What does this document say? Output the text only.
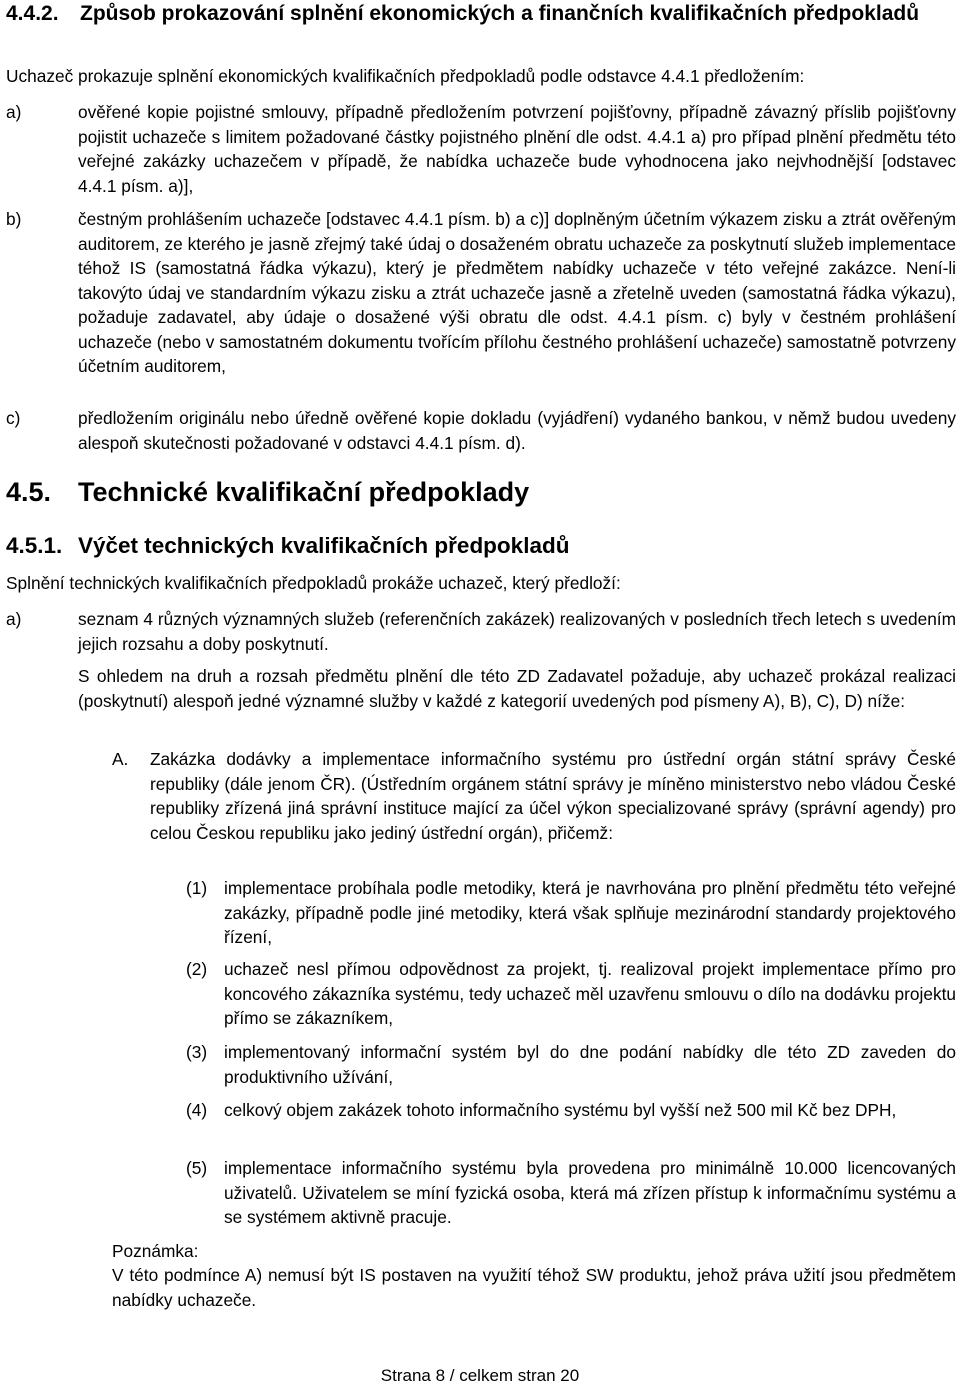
4.4.2. Způsob prokazování splnění ekonomických a finančních kvalifikačních předpokladů

Uchazeč prokazuje splnění ekonomických kvalifikačních předpokladů podle odstavce 4.4.1 předložením:

a)	ověřené kopie pojistné smlouvy, případně předložením potvrzení pojišťovny, případně závazný příslib pojišťovny pojistit uchazeče s limitem požadované částky pojistného plnění dle odst. 4.4.1 a) pro případ plnění předmětu této veřejné zakázky uchazečem v případě, že nabídka uchazeče bude vyhodnocena jako nejvhodnější [odstavec 4.4.1 písm. a)],

b)	čestným prohlášením uchazeče [odstavec 4.4.1 písm. b) a c)] doplněným účetním výkazem zisku a ztrát ověřeným auditorem, ze kterého je jasně zřejmý také údaj o dosaženém obratu uchazeče za poskytnutí služeb implementace téhož IS (samostatná řádka výkazu), který je předmětem nabídky uchazeče v této veřejné zakázce. Není-li takovýto údaj ve standardním výkazu zisku a ztrát uchazeče jasně a zřetelně uveden (samostatná řádka výkazu), požaduje zadavatel, aby údaje o dosažené výši obratu dle odst. 4.4.1 písm. c) byly v čestném prohlášení uchazeče (nebo v samostatném dokumentu tvořícím přílohu čestného prohlášení uchazeče) samostatně potvrzeny účetním auditorem,

c)	předložením originálu nebo úředně ověřené kopie dokladu (vyjádření) vydaného bankou, v němž budou uvedeny alespoň skutečnosti požadované v odstavci 4.4.1 písm. d).

4.5. Technické kvalifikační předpoklady
4.5.1. Výčet technických kvalifikačních předpokladů

Splnění technických kvalifikačních předpokladů prokáže uchazeč, který předloží:

a)	seznam 4 různých významných služeb (referenčních zakázek) realizovaných v posledních třech letech s uvedením jejich rozsahu a doby poskytnutí.

S ohledem na druh a rozsah předmětu plnění dle této ZD Zadavatel požaduje, aby uchazeč prokázal realizaci (poskytnutí) alespoň jedné významné služby v každé z kategorií uvedených pod písmeny A), B), C), D) níže:

A. Zakázka dodávky a implementace informačního systému pro ústřední orgán státní správy České republiky (dále jenom ČR). (Ústředním orgánem státní správy je míněno ministerstvo nebo vládou České republiky zřízená jiná správní instituce mající za účel výkon specializované správy (správní agendy) pro celou Českou republiku jako jediný ústřední orgán), přičemž:

(1) implementace probíhala podle metodiky, která je navrhována pro plnění předmětu této veřejné zakázky, případně podle jiné metodiky, která však splňuje mezinárodní standardy projektového řízení,

(2) uchazeč nesl přímou odpovědnost za projekt, tj. realizoval projekt implementace přímo pro koncového zákazníka systému, tedy uchazeč měl uzavřenu smlouvu o dílo na dodávku projektu přímo se zákazníkem,

(3) implementovaný informační systém byl do dne podání nabídky dle této ZD zaveden do produktivního užívání,

(4) celkový objem zakázek tohoto informačního systému byl vyšší než 500 mil Kč bez DPH,

(5) implementace informačního systému byla provedena pro minimálně 10.000 licencovaných uživatelů. Uživatelem se míní fyzická osoba, která má zřízen přístup k informačnímu systému a se systémem aktivně pracuje.

Poznámka:

V této podmínce A) nemusí být IS postaven na využití téhož SW produktu, jehož práva užití jsou předmětem nabídky uchazeče.

Strana 8 / celkem stran 20
